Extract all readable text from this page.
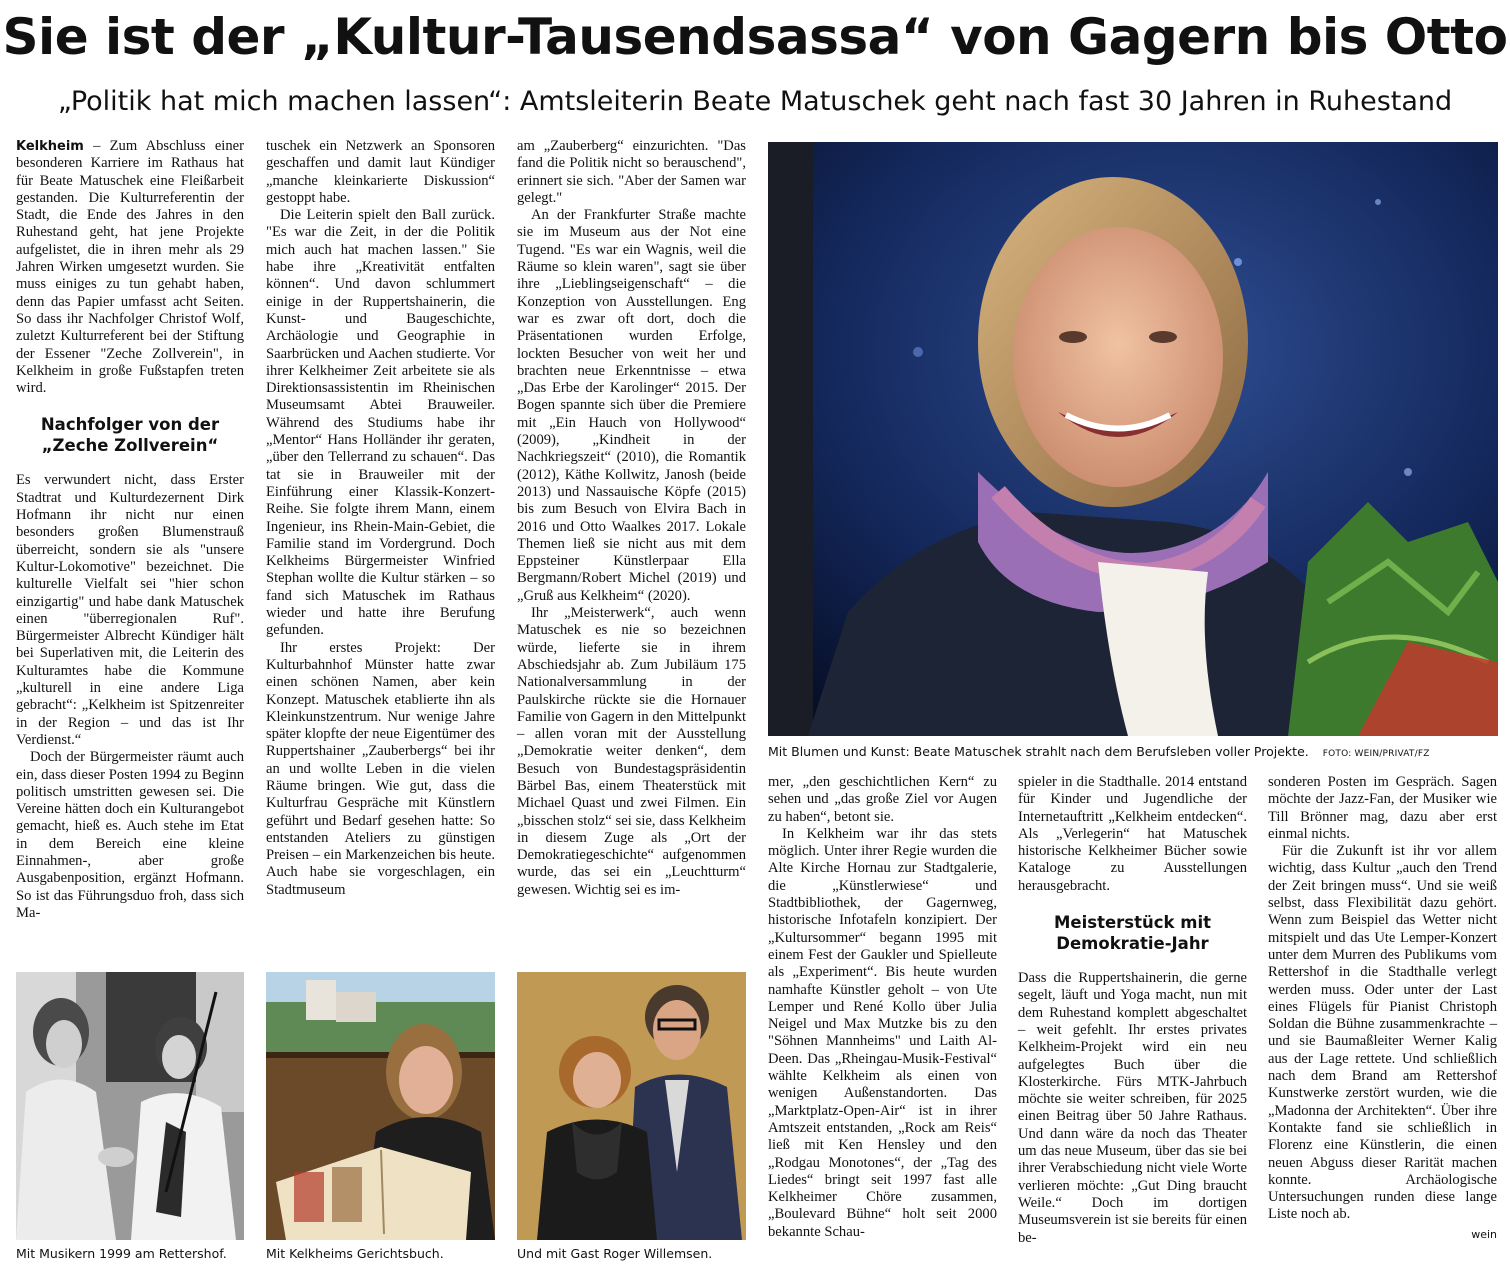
Sie ist der „Kultur-Tausendsassa“ von Gagern bis Otto
„Politik hat mich machen lassen“: Amtsleiterin Beate Matuschek geht nach fast 30 Jahren in Ruhestand

Kelkheim – Zum Abschluss einer besonderen Karriere im Rathaus hat für Beate Matuschek eine Fleißarbeit gestanden. Die Kulturreferentin der Stadt, die Ende des Jahres in den Ruhestand geht, hat jene Projekte aufgelistet, die in ihren mehr als 29 Jahren Wirken umgesetzt wurden. Sie muss einiges zu tun gehabt haben, denn das Papier umfasst acht Seiten. So dass ihr Nachfolger Christof Wolf, zuletzt Kulturreferent bei der Stiftung der Essener "Zeche Zollverein", in Kelkheim in große Fußstapfen treten wird.

Nachfolger von der „Zeche Zollverein“

Es verwundert nicht, dass Erster Stadtrat und Kulturdezernent Dirk Hofmann ihr nicht nur einen besonders großen Blumenstrauß überreicht, sondern sie als "unsere Kultur-Lokomotive" bezeichnet. Die kulturelle Vielfalt sei "hier schon einzigartig" und habe dank Matuschek einen "überregionalen Ruf". Bürgermeister Albrecht Kündiger hält bei Superlativen mit, die Leiterin des Kulturamtes habe die Kommune „kulturell in eine andere Liga gebracht“: „Kelkheim ist Spitzenreiter in der Region – und das ist Ihr Verdienst.“

Doch der Bürgermeister räumt auch ein, dass dieser Posten 1994 zu Beginn politisch umstritten gewesen sei. Die Vereine hätten doch ein Kulturangebot gemacht, hieß es. Auch stehe im Etat in dem Bereich eine kleine Einnahmen-, aber große Ausgabenposition, ergänzt Hofmann. So ist das Führungsduo froh, dass sich Ma-

tuschek ein Netzwerk an Sponsoren geschaffen und damit laut Kündiger „manche kleinkarierte Diskussion“ gestoppt habe.

Die Leiterin spielt den Ball zurück. "Es war die Zeit, in der die Politik mich auch hat machen lassen." Sie habe ihre „Kreativität entfalten können“. Und davon schlummert einige in der Ruppertshainerin, die Kunst- und Baugeschichte, Archäologie und Geographie in Saarbrücken und Aachen studierte. Vor ihrer Kelkheimer Zeit arbeitete sie als Direktionsassistentin im Rheinischen Museumsamt Abtei Brauweiler. Während des Studiums habe ihr „Mentor“ Hans Holländer ihr geraten, „über den Tellerrand zu schauen“. Das tat sie in Brauweiler mit der Einführung einer Klassik-Konzert-Reihe. Sie folgte ihrem Mann, einem Ingenieur, ins Rhein-Main-Gebiet, die Familie stand im Vordergrund. Doch Kelkheims Bürgermeister Winfried Stephan wollte die Kultur stärken – so fand sich Matuschek im Rathaus wieder und hatte ihre Berufung gefunden.

Ihr erstes Projekt: Der Kulturbahnhof Münster hatte zwar einen schönen Namen, aber kein Konzept. Matuschek etablierte ihn als Kleinkunstzentrum. Nur wenige Jahre später klopfte der neue Eigentümer des Ruppertshainer „Zauberbergs“ bei ihr an und wollte Leben in die vielen Räume bringen. Wie gut, dass die Kulturfrau Gespräche mit Künstlern geführt und Bedarf gesehen hatte: So entstanden Ateliers zu günstigen Preisen – ein Markenzeichen bis heute. Auch habe sie vorgeschlagen, ein Stadtmuseum

am „Zauberberg“ einzurichten. "Das fand die Politik nicht so berauschend", erinnert sie sich. "Aber der Samen war gelegt."

An der Frankfurter Straße machte sie im Museum aus der Not eine Tugend. "Es war ein Wagnis, weil die Räume so klein waren", sagt sie über ihre „Lieblingseigenschaft“ – die Konzeption von Ausstellungen. Eng war es zwar oft dort, doch die Präsentationen wurden Erfolge, lockten Besucher von weit her und brachten neue Erkenntnisse – etwa „Das Erbe der Karolinger“ 2015. Der Bogen spannte sich über die Premiere mit „Ein Hauch von Hollywood“ (2009), „Kindheit in der Nachkriegszeit“ (2010), die Romantik (2012), Käthe Kollwitz, Janosh (beide 2013) und Nassauische Köpfe (2015) bis zum Besuch von Elvira Bach in 2016 und Otto Waalkes 2017. Lokale Themen ließ sie nicht aus mit dem Eppsteiner Künstlerpaar Ella Bergmann/Robert Michel (2019) und „Gruß aus Kelkheim“ (2020).

Ihr „Meisterwerk“, auch wenn Matuschek es nie so bezeichnen würde, lieferte sie in ihrem Abschiedsjahr ab. Zum Jubiläum 175 Nationalversammlung in der Paulskirche rückte sie die Hornauer Familie von Gagern in den Mittelpunkt – allen voran mit der Ausstellung „Demokratie weiter denken“, dem Besuch von Bundestagspräsidentin Bärbel Bas, einem Theaterstück mit Michael Quast und zwei Filmen. Ein „bisschen stolz“ sei sie, dass Kelkheim in diesem Zuge als „Ort der Demokratiegeschichte“ aufgenommen wurde, das sei ein „Leuchtturm“ gewesen. Wichtig sei es im-

Mit Blumen und Kunst: Beate Matuschek strahlt nach dem Berufsleben voller Projekte. FOTO: WEIN/PRIVAT/FZ

mer, „den geschichtlichen Kern“ zu sehen und „das große Ziel vor Augen zu haben“, betont sie.

In Kelkheim war ihr das stets möglich. Unter ihrer Regie wurden die Alte Kirche Hornau zur Stadtgalerie, die „Künstlerwiese“ und Stadtbibliothek, der Gagernweg, historische Infotafeln konzipiert. Der „Kultursommer“ begann 1995 mit einem Fest der Gaukler und Spielleute als „Experiment“. Bis heute wurden namhafte Künstler geholt – von Ute Lemper und René Kollo über Julia Neigel und Max Mutzke bis zu den "Söhnen Mannheims" und Laith Al-Deen. Das „Rheingau-Musik-Festival“ wählte Kelkheim als einen von wenigen Außenstandorten. Das „Marktplatz-Open-Air“ ist in ihrer Amtszeit entstanden, „Rock am Reis“ ließ mit Ken Hensley und den „Rodgau Monotones“, der „Tag des Liedes“ bringt seit 1997 fast alle Kelkheimer Chöre zusammen, „Boulevard Bühne“ holt seit 2000 bekannte Schau-

spieler in die Stadthalle. 2014 entstand für Kinder und Jugendliche der Internetauftritt „Kelkheim entdecken“. Als „Verlegerin“ hat Matuschek historische Kelkheimer Bücher sowie Kataloge zu Ausstellungen herausgebracht.

Meisterstück mit Demokratie-Jahr

Dass die Ruppertshainerin, die gerne segelt, läuft und Yoga macht, nun mit dem Ruhestand komplett abgeschaltet – weit gefehlt. Ihr erstes privates Kelkheim-Projekt wird ein neu aufgelegtes Buch über die Klosterkirche. Fürs MTK-Jahrbuch möchte sie weiter schreiben, für 2025 einen Beitrag über 50 Jahre Rathaus. Und dann wäre da noch das Theater um das neue Museum, über das sie bei ihrer Verabschiedung nicht viele Worte verlieren möchte: „Gut Ding braucht Weile.“ Doch im dortigen Museumsverein ist sie bereits für einen be-

sonderen Posten im Gespräch. Sagen möchte der Jazz-Fan, der Musiker wie Till Brönner mag, dazu aber erst einmal nichts.

Für die Zukunft ist ihr vor allem wichtig, dass Kultur „auch den Trend der Zeit bringen muss“. Und sie weiß selbst, dass Flexibilität dazu gehört. Wenn zum Beispiel das Wetter nicht mitspielt und das Ute Lemper-Konzert unter dem Murren des Publikums vom Rettershof in die Stadthalle verlegt werden muss. Oder unter der Last eines Flügels für Pianist Christoph Soldan die Bühne zusammenkrachte – und sie Baumaßleiter Werner Kalig aus der Lage rettete. Und schließlich nach dem Brand am Rettershof Kunstwerke zerstört wurden, wie die „Madonna der Architekten“. Über ihre Kontakte fand sie schließlich in Florenz eine Künstlerin, die einen neuen Abguss dieser Rarität machen konnte. Archäologische Untersuchungen runden diese lange Liste noch ab.

wein
Mit Musikern 1999 am Rettershof.	Mit Kelkheims Gerichtsbuch.	Und mit Gast Roger Willemsen.
